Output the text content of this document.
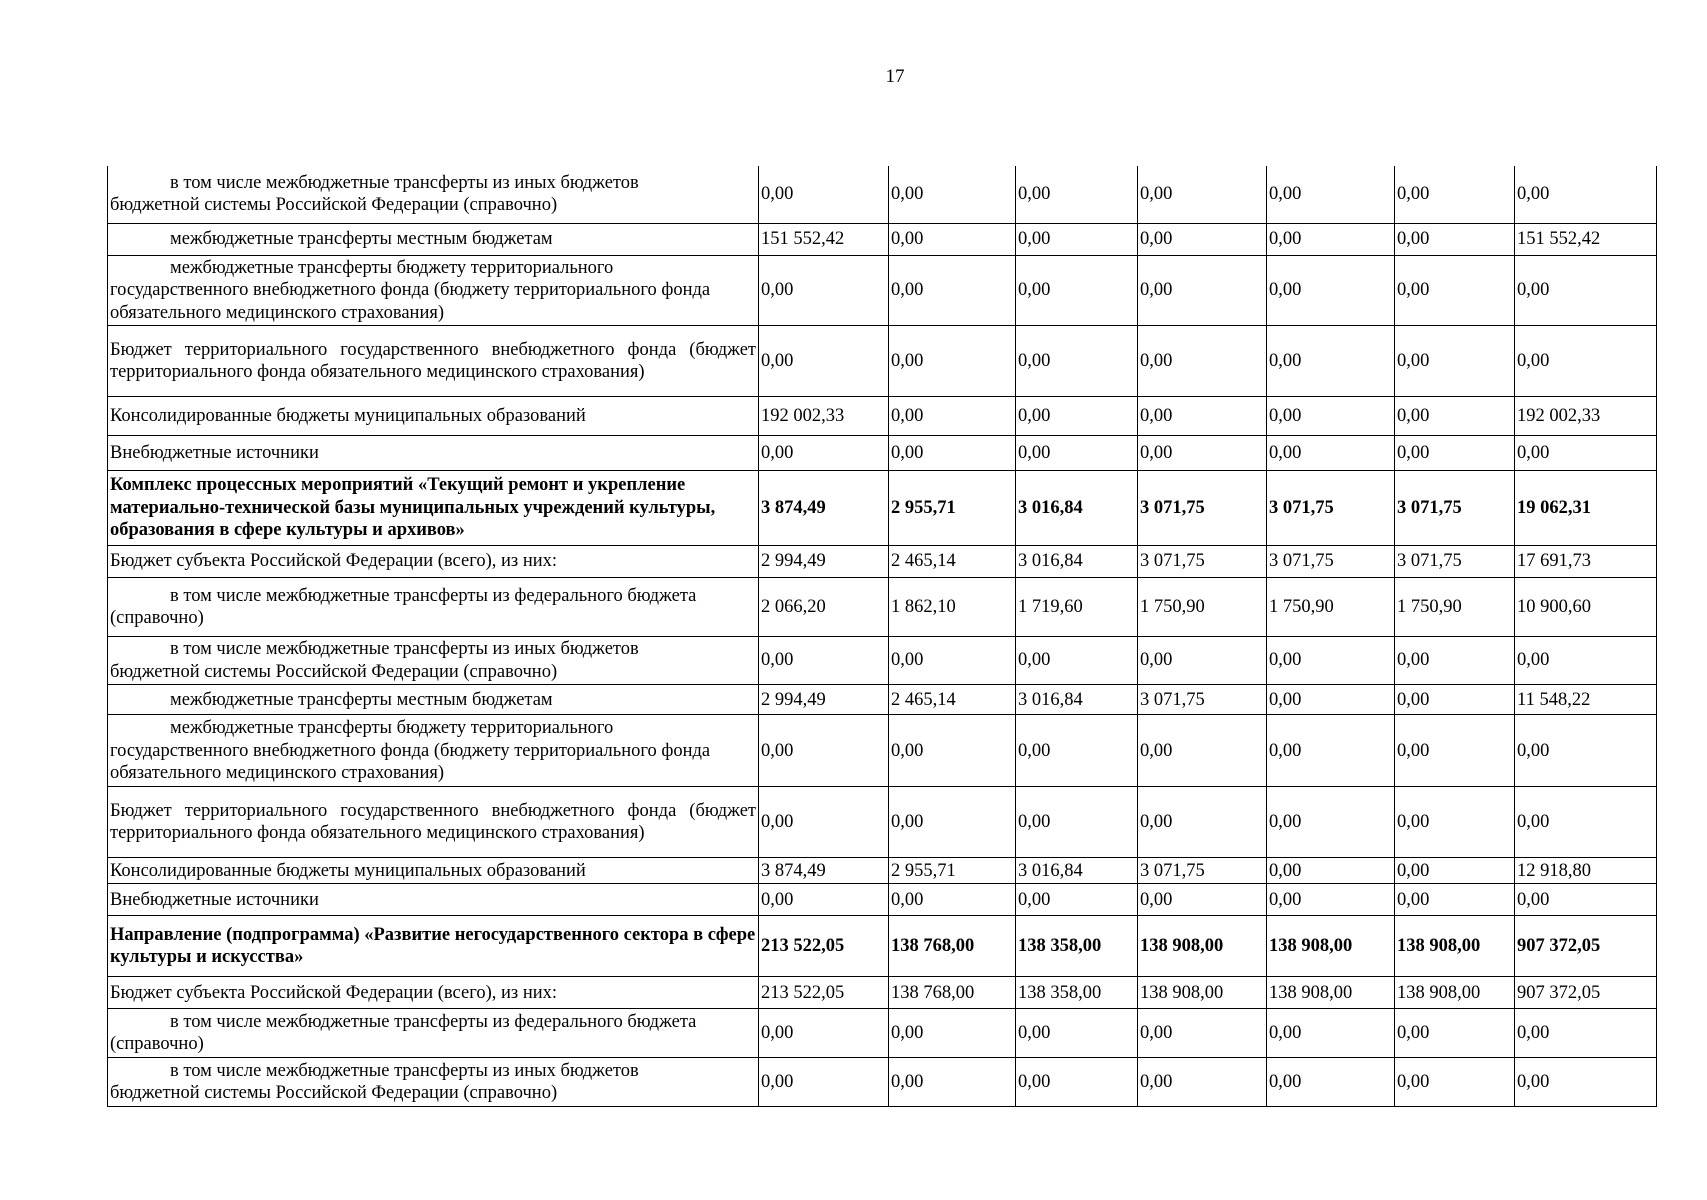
17
в том числе межбюджетные трансферты из иных бюджетов
бюджетной системы Российской Федерации (справочно)	0,00	0,00	0,00	0,00	0,00	0,00	0,00
межбюджетные трансферты местным бюджетам	151 552,42	0,00	0,00	0,00	0,00	0,00	151 552,42
межбюджетные трансферты бюджету территориального
государственного внебюджетного фонда (бюджету территориального фонда обязательного медицинского страхования)	0,00	0,00	0,00	0,00	0,00	0,00	0,00
Бюджет территориального государственного внебюджетного фонда (бюджет территориального фонда обязательного медицинского страхования)	0,00	0,00	0,00	0,00	0,00	0,00	0,00
Консолидированные бюджеты муниципальных образований	192 002,33	0,00	0,00	0,00	0,00	0,00	192 002,33
Внебюджетные источники	0,00	0,00	0,00	0,00	0,00	0,00	0,00
Комплекс процессных мероприятий «Текущий ремонт и укрепление материально-технической базы муниципальных учреждений культуры, образования в сфере культуры и архивов»	3 874,49	2 955,71	3 016,84	3 071,75	3 071,75	3 071,75	19 062,31
Бюджет субъекта Российской Федерации (всего), из них:	2 994,49	2 465,14	3 016,84	3 071,75	3 071,75	3 071,75	17 691,73
в том числе межбюджетные трансферты из федерального бюджета
(справочно)	2 066,20	1 862,10	1 719,60	1 750,90	1 750,90	1 750,90	10 900,60
в том числе межбюджетные трансферты из иных бюджетов
бюджетной системы Российской Федерации (справочно)	0,00	0,00	0,00	0,00	0,00	0,00	0,00
межбюджетные трансферты местным бюджетам	2 994,49	2 465,14	3 016,84	3 071,75	0,00	0,00	11 548,22
межбюджетные трансферты бюджету территориального
государственного внебюджетного фонда (бюджету территориального фонда обязательного медицинского страхования)	0,00	0,00	0,00	0,00	0,00	0,00	0,00
Бюджет территориального государственного внебюджетного фонда (бюджет территориального фонда обязательного медицинского страхования)	0,00	0,00	0,00	0,00	0,00	0,00	0,00
Консолидированные бюджеты муниципальных образований	3 874,49	2 955,71	3 016,84	3 071,75	0,00	0,00	12 918,80
Внебюджетные источники	0,00	0,00	0,00	0,00	0,00	0,00	0,00
Направление (подпрограмма) «Развитие негосударственного сектора в сфере культуры и искусства»	213 522,05	138 768,00	138 358,00	138 908,00	138 908,00	138 908,00	907 372,05
Бюджет субъекта Российской Федерации (всего), из них:	213 522,05	138 768,00	138 358,00	138 908,00	138 908,00	138 908,00	907 372,05
в том числе межбюджетные трансферты из федерального бюджета
(справочно)	0,00	0,00	0,00	0,00	0,00	0,00	0,00
в том числе межбюджетные трансферты из иных бюджетов
бюджетной системы Российской Федерации (справочно)	0,00	0,00	0,00	0,00	0,00	0,00	0,00
